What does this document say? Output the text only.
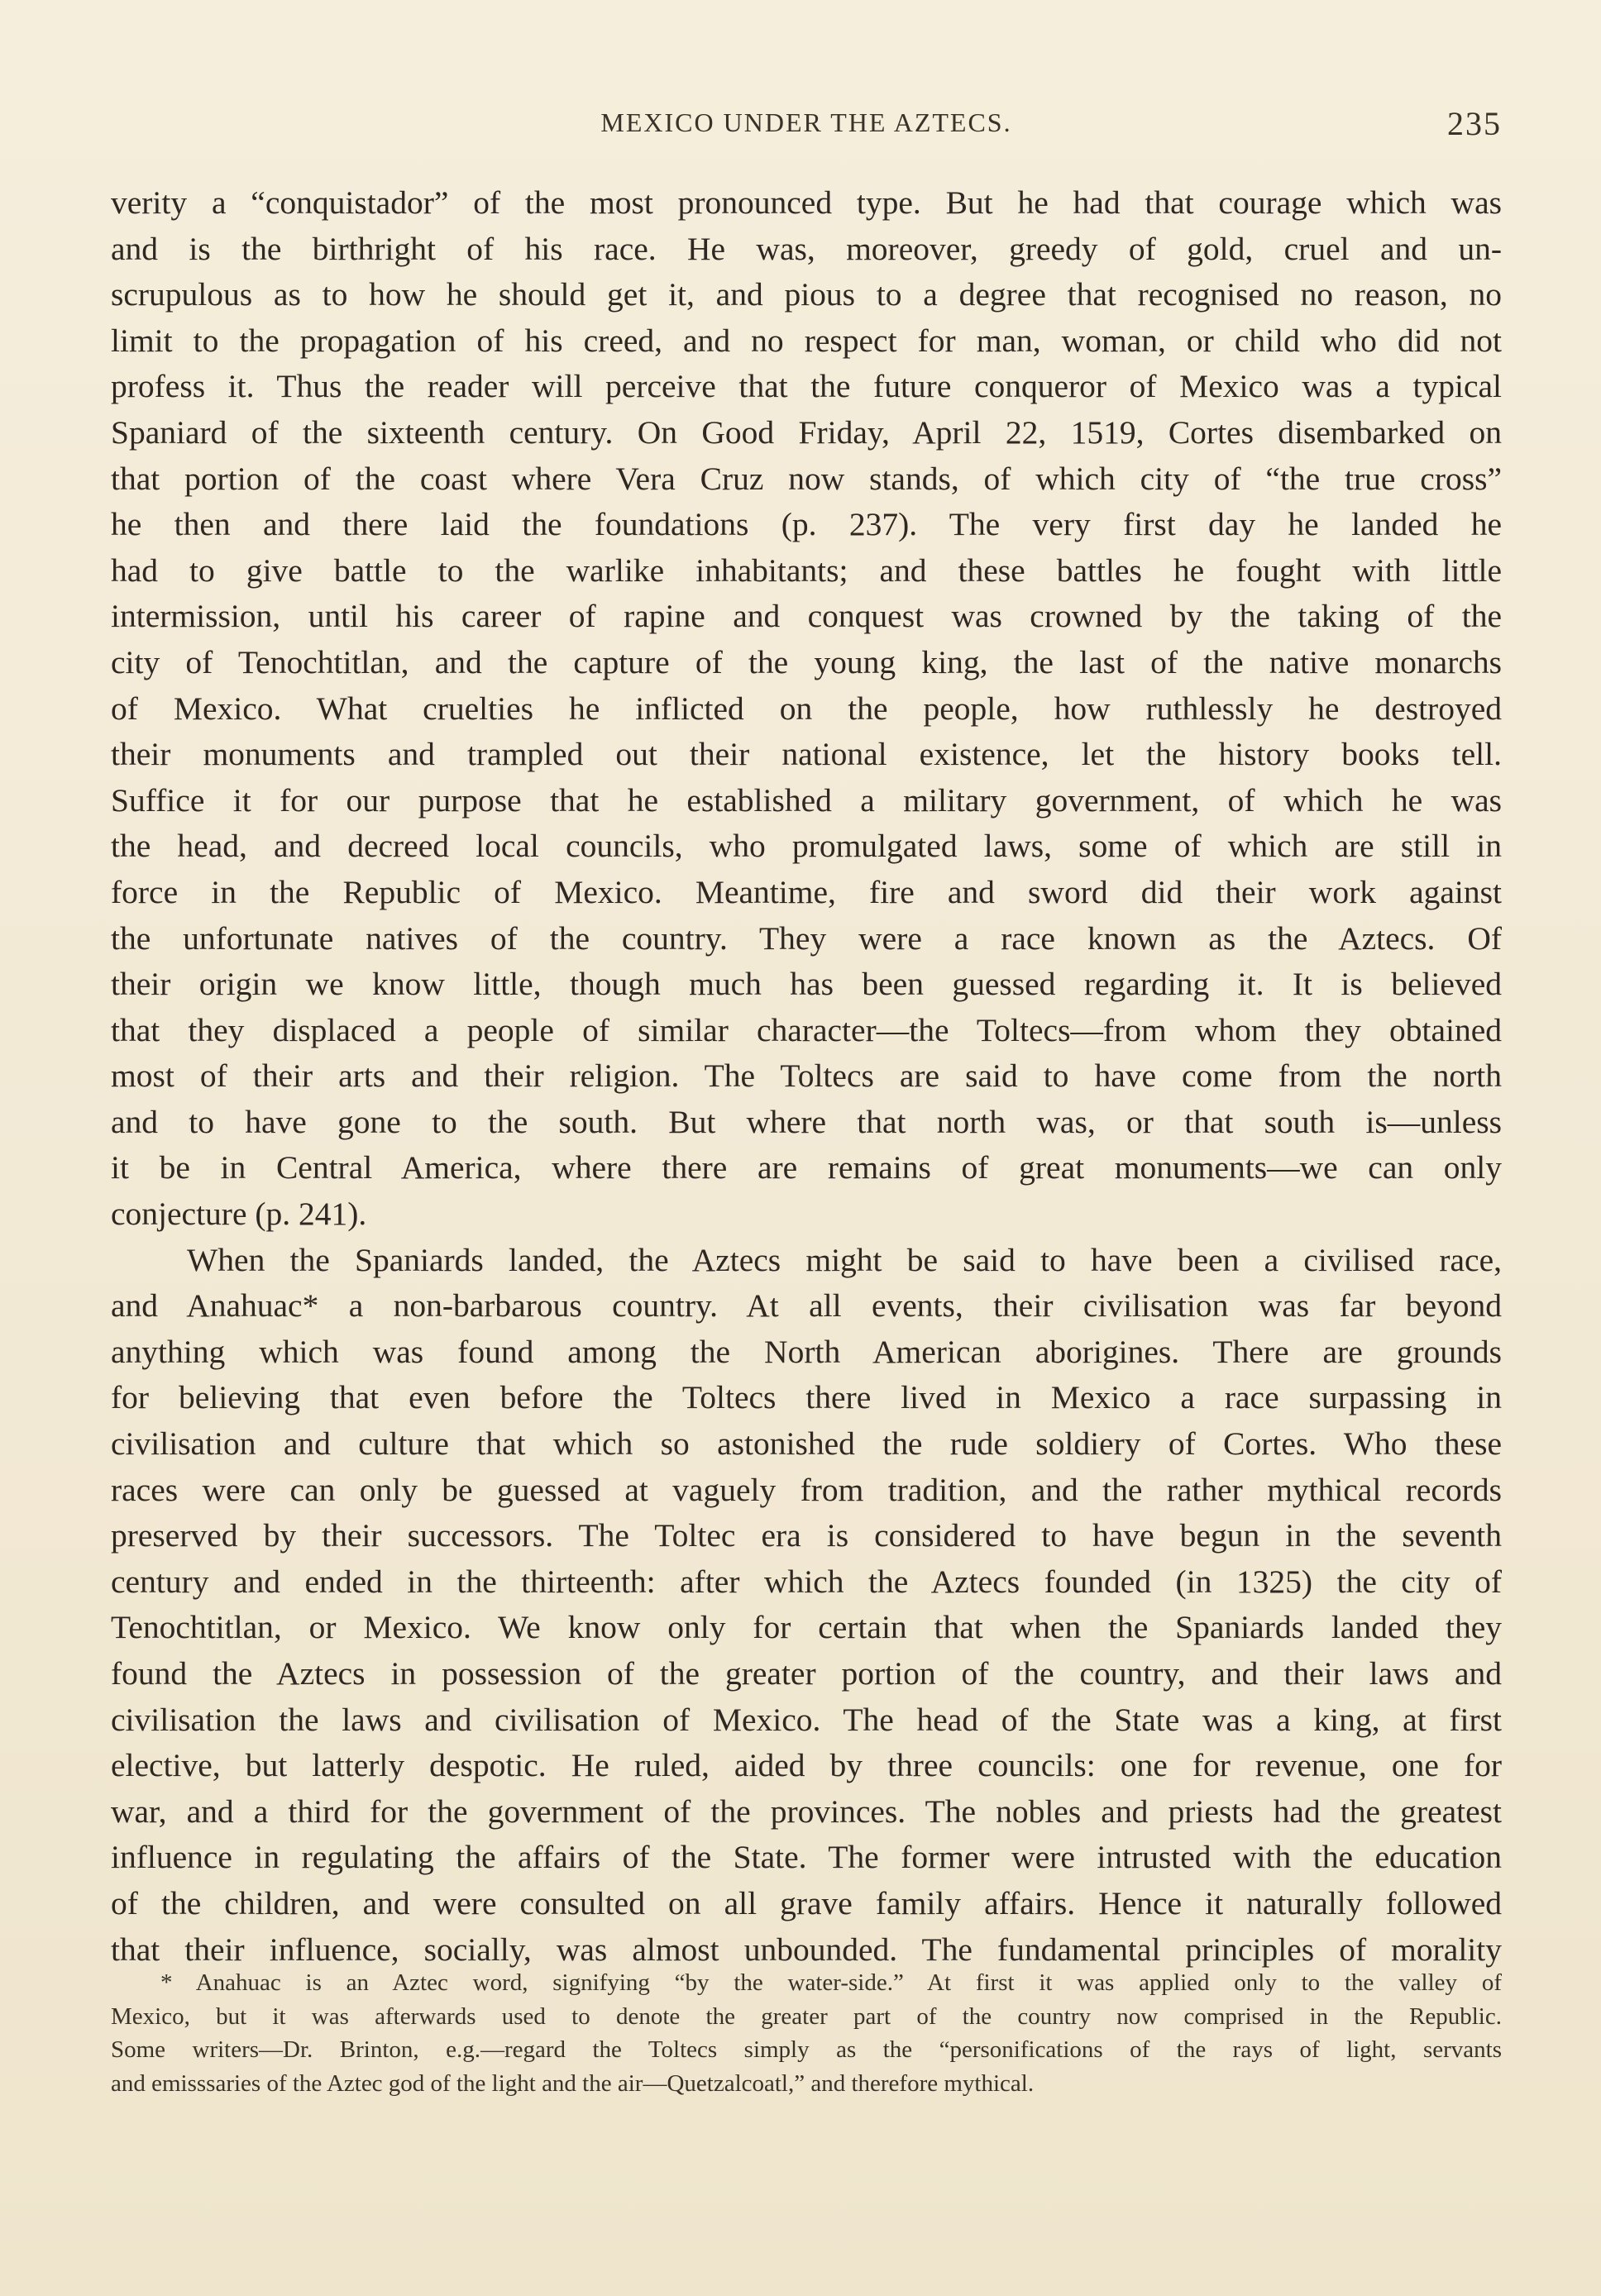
MEXICO UNDER THE AZTECS.	235

verity a “conquistador” of the most pronounced type. But he had that courage which was
and is the birthright of his race. He was, moreover, greedy of gold, cruel and un-
scrupulous as to how he should get it, and pious to a degree that recognised no reason, no
limit to the propagation of his creed, and no respect for man, woman, or child who did not
profess it. Thus the reader will perceive that the future conqueror of Mexico was a typical
Spaniard of the sixteenth century. On Good Friday, April 22, 1519, Cortes disembarked on
that portion of the coast where Vera Cruz now stands, of which city of “the true cross”
he then and there laid the foundations (p. 237). The very first day he landed he
had to give battle to the warlike inhabitants; and these battles he fought with little
intermission, until his career of rapine and conquest was crowned by the taking of the
city of Tenochtitlan, and the capture of the young king, the last of the native monarchs
of Mexico. What cruelties he inflicted on the people, how ruthlessly he destroyed
their monuments and trampled out their national existence, let the history books tell.
Suffice it for our purpose that he established a military government, of which he was
the head, and decreed local councils, who promulgated laws, some of which are still in
force in the Republic of Mexico. Meantime, fire and sword did their work against
the unfortunate natives of the country. They were a race known as the Aztecs. Of
their origin we know little, though much has been guessed regarding it. It is believed
that they displaced a people of similar character—the Toltecs—from whom they obtained
most of their arts and their religion. The Toltecs are said to have come from the north
and to have gone to the south. But where that north was, or that south is—unless
it be in Central America, where there are remains of great monuments—we can only
conjecture (p. 241).

When the Spaniards landed, the Aztecs might be said to have been a civilised race,
and Anahuac* a non-barbarous country. At all events, their civilisation was far beyond
anything which was found among the North American aborigines. There are grounds
for believing that even before the Toltecs there lived in Mexico a race surpassing in
civilisation and culture that which so astonished the rude soldiery of Cortes. Who these
races were can only be guessed at vaguely from tradition, and the rather mythical records
preserved by their successors. The Toltec era is considered to have begun in the seventh
century and ended in the thirteenth: after which the Aztecs founded (in 1325) the city of
Tenochtitlan, or Mexico. We know only for certain that when the Spaniards landed they
found the Aztecs in possession of the greater portion of the country, and their laws and
civilisation the laws and civilisation of Mexico. The head of the State was a king, at first
elective, but latterly despotic. He ruled, aided by three councils: one for revenue, one for
war, and a third for the government of the provinces. The nobles and priests had the greatest
influence in regulating the affairs of the State. The former were intrusted with the education
of the children, and were consulted on all grave family affairs. Hence it naturally followed
that their influence, socially, was almost unbounded. The fundamental principles of morality

* Anahuac is an Aztec word, signifying “by the water-side.” At first it was applied only to the valley of
Mexico, but it was afterwards used to denote the greater part of the country now comprised in the Republic.
Some writers—Dr. Brinton, e.g.—regard the Toltecs simply as the “personifications of the rays of light, servants
and emisssaries of the Aztec god of the light and the air—Quetzalcoatl,” and therefore mythical.
